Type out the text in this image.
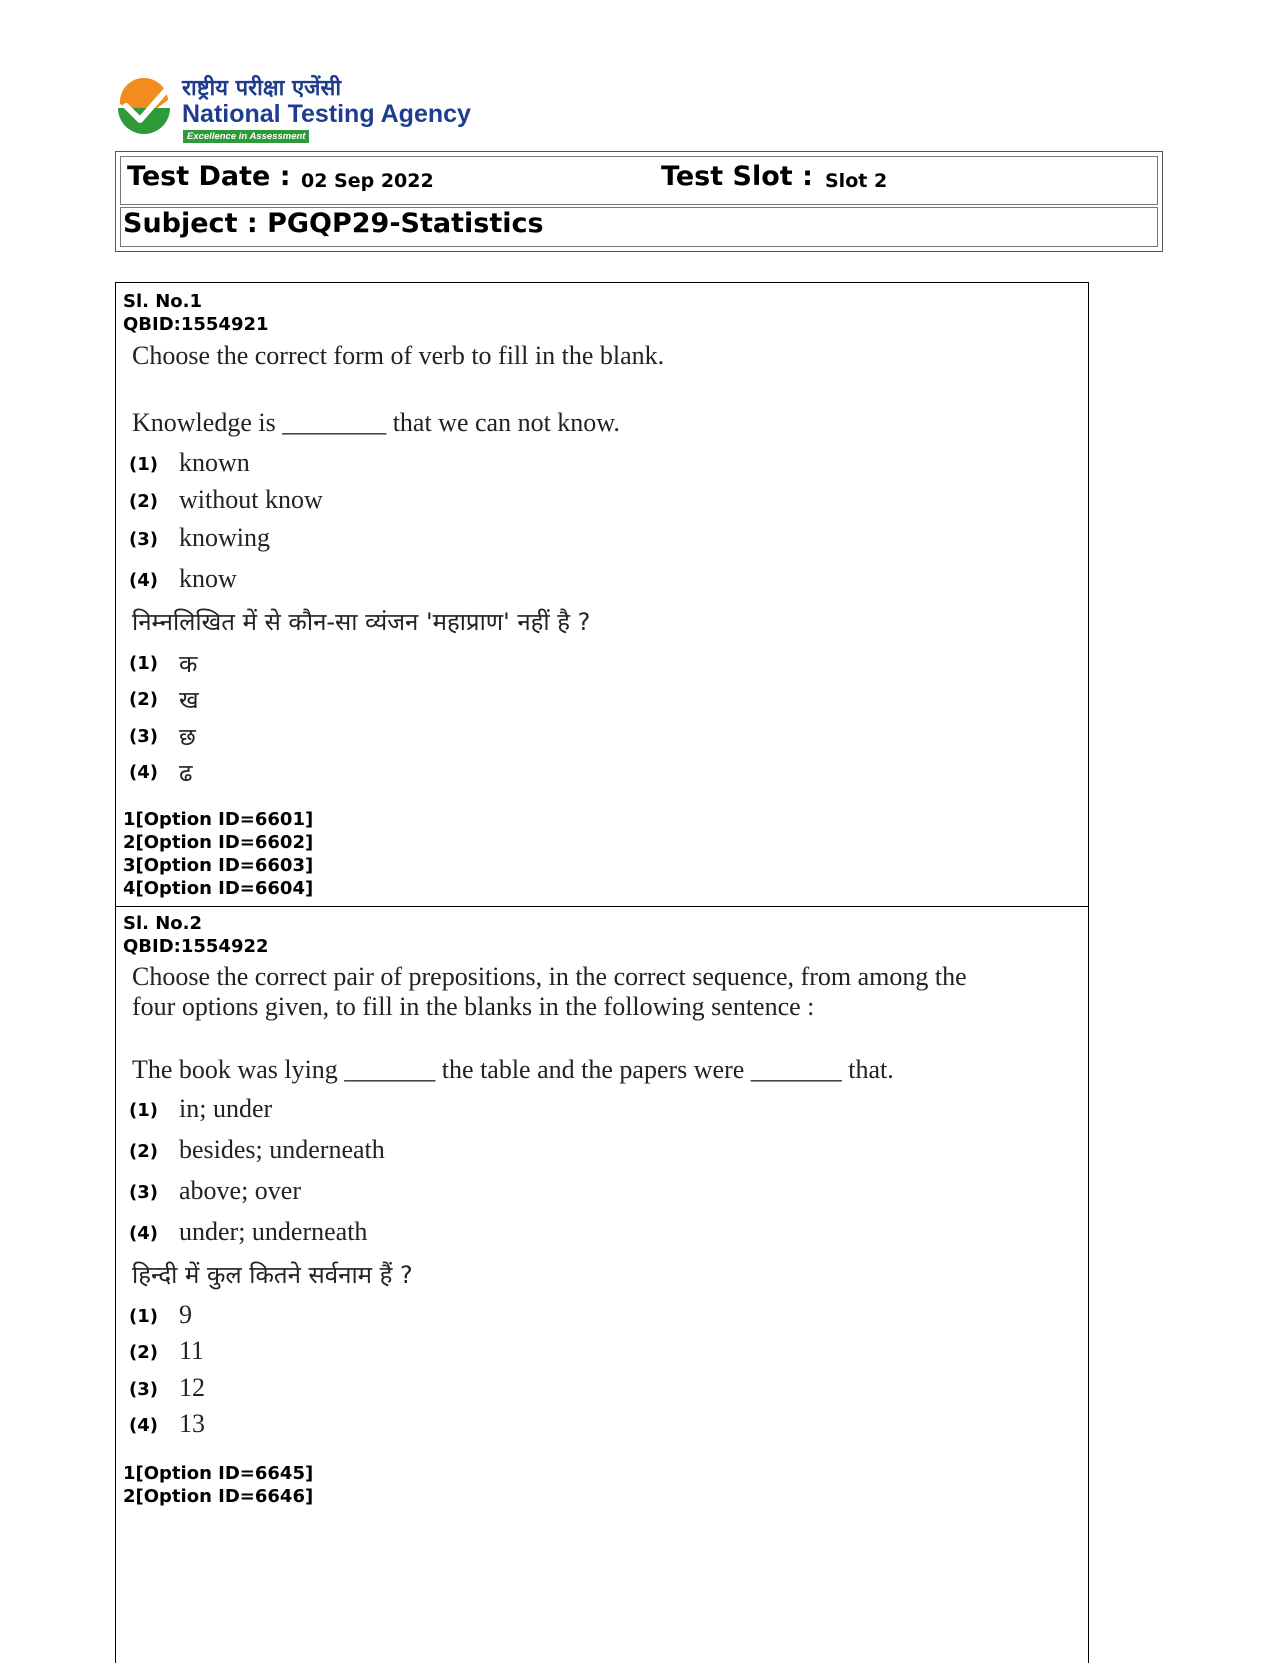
राष्ट्रीय परीक्षा एजेंसी
National Testing Agency
Excellence in Assessment
Test Date : 02 Sep 2022	Test Slot : Slot 2
Subject : PGQP29-Statistics
Sl. No.1
QBID:1554921
Choose the correct form of verb to fill in the blank.
Knowledge is ________ that we can not know.
(1) known
(2) without know
(3) knowing
(4) know
निम्नलिखित में से कौन-सा व्यंजन 'महाप्राण' नहीं है ?
(1) क
(2) ख
(3) छ
(4) ढ
1[Option ID=6601]
2[Option ID=6602]
3[Option ID=6603]
4[Option ID=6604]
Sl. No.2
QBID:1554922
Choose the correct pair of prepositions, in the correct sequence, from among the
four options given, to fill in the blanks in the following sentence :
The book was lying _______ the table and the papers were _______ that.
(1) in; under
(2) besides; underneath
(3) above; over
(4) under; underneath
हिन्दी में कुल कितने सर्वनाम हैं ?
(1) 9
(2) 11
(3) 12
(4) 13
1[Option ID=6645]
2[Option ID=6646]
